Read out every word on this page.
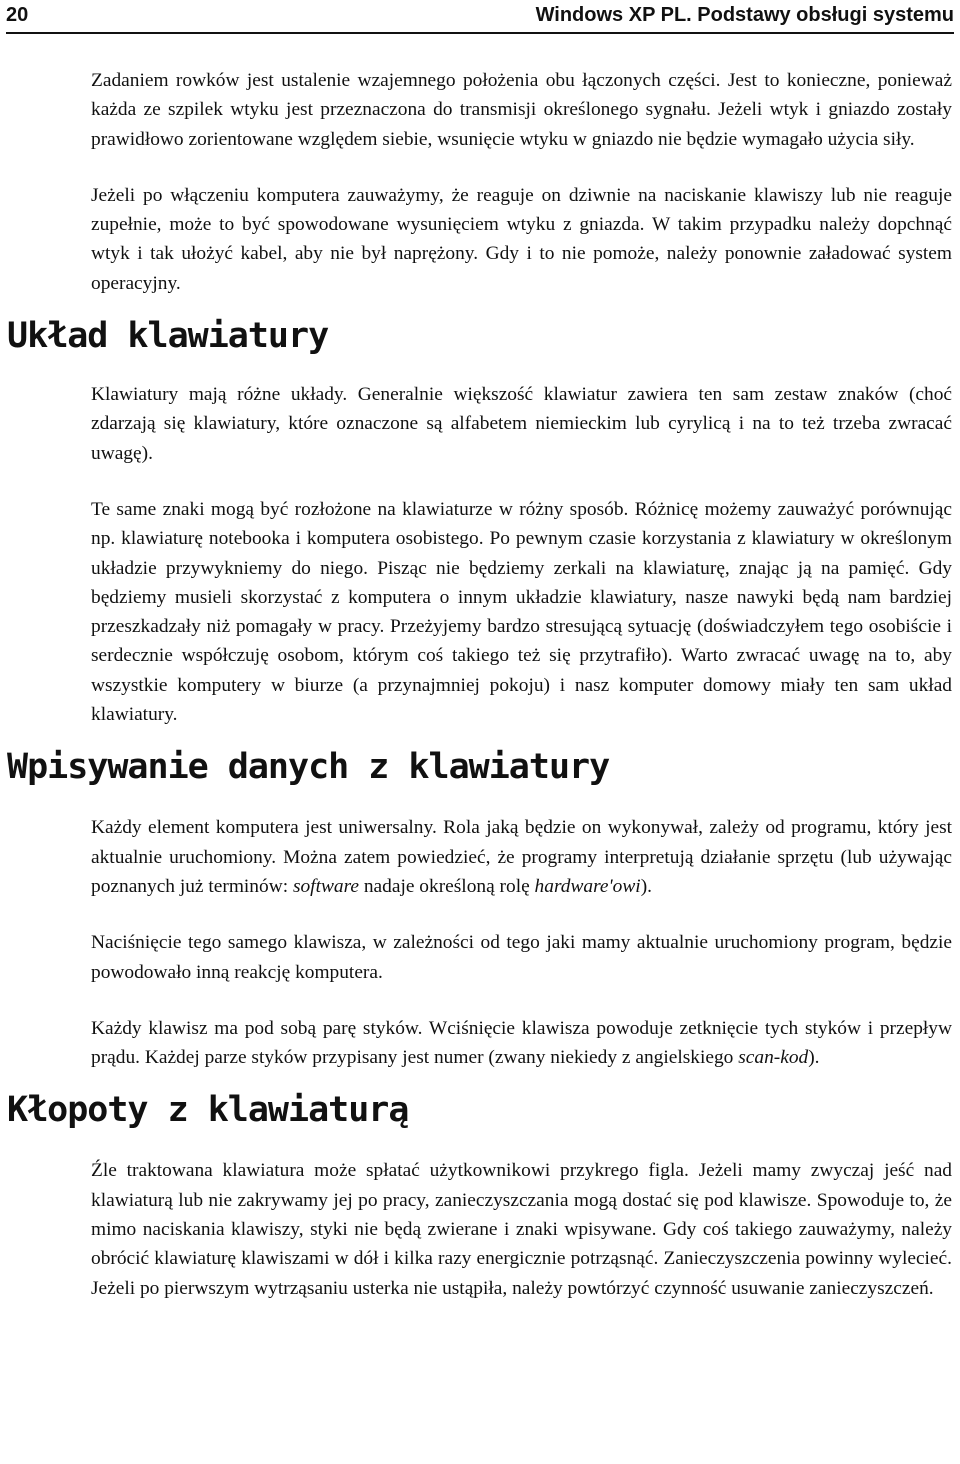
20	Windows XP PL. Podstawy obsługi systemu

Zadaniem rowków jest ustalenie wzajemnego położenia obu łączonych części. Jest to konieczne, ponieważ każda ze szpilek wtyku jest przeznaczona do transmisji określonego sygnału. Jeżeli wtyk i gniazdo zostały prawidłowo zorientowane względem siebie, wsunięcie wtyku w gniazdo nie będzie wymagało użycia siły.

Jeżeli po włączeniu komputera zauważymy, że reaguje on dziwnie na naciskanie klawiszy lub nie reaguje zupełnie, może to być spowodowane wysunięciem wtyku z gniazda. W takim przypadku należy dopchnąć wtyk i tak ułożyć kabel, aby nie był naprężony. Gdy i to nie pomoże, należy ponownie załadować system operacyjny.

Układ klawiatury

Klawiatury mają różne układy. Generalnie większość klawiatur zawiera ten sam zestaw znaków (choć zdarzają się klawiatury, które oznaczone są alfabetem niemieckim lub cyrylicą i na to też trzeba zwracać uwagę).

Te same znaki mogą być rozłożone na klawiaturze w różny sposób. Różnicę możemy zauważyć porównując np. klawiaturę notebooka i komputera osobistego. Po pewnym czasie korzystania z klawiatury w określonym układzie przywykniemy do niego. Pisząc nie będziemy zerkali na klawiaturę, znając ją na pamięć. Gdy będziemy musieli skorzystać z komputera o innym układzie klawiatury, nasze nawyki będą nam bardziej przeszkadzały niż pomagały w pracy. Przeżyjemy bardzo stresującą sytuację (doświadczyłem tego osobiście i serdecznie współczuję osobom, którym coś takiego też się przytrafiło). Warto zwracać uwagę na to, aby wszystkie komputery w biurze (a przynajmniej pokoju) i nasz komputer domowy miały ten sam układ klawiatury.

Wpisywanie danych z klawiatury

Każdy element komputera jest uniwersalny. Rola jaką będzie on wykonywał, zależy od programu, który jest aktualnie uruchomiony. Można zatem powiedzieć, że programy interpretują działanie sprzętu (lub używając poznanych już terminów: software nadaje określoną rolę hardware'owi).

Naciśnięcie tego samego klawisza, w zależności od tego jaki mamy aktualnie uruchomiony program, będzie powodowało inną reakcję komputera.

Każdy klawisz ma pod sobą parę styków. Wciśnięcie klawisza powoduje zetknięcie tych styków i przepływ prądu. Każdej parze styków przypisany jest numer (zwany niekiedy z angielskiego scan-kod).

Kłopoty z klawiaturą

Źle traktowana klawiatura może spłatać użytkownikowi przykrego figla. Jeżeli mamy zwyczaj jeść nad klawiaturą lub nie zakrywamy jej po pracy, zanieczyszczania mogą dostać się pod klawisze. Spowoduje to, że mimo naciskania klawiszy, styki nie będą zwierane i znaki wpisywane. Gdy coś takiego zauważymy, należy obrócić klawiaturę klawiszami w dół i kilka razy energicznie potrząsnąć. Zanieczyszczenia powinny wylecieć. Jeżeli po pierwszym wytrząsaniu usterka nie ustąpiła, należy powtórzyć czynność usuwanie zanieczyszczeń.
